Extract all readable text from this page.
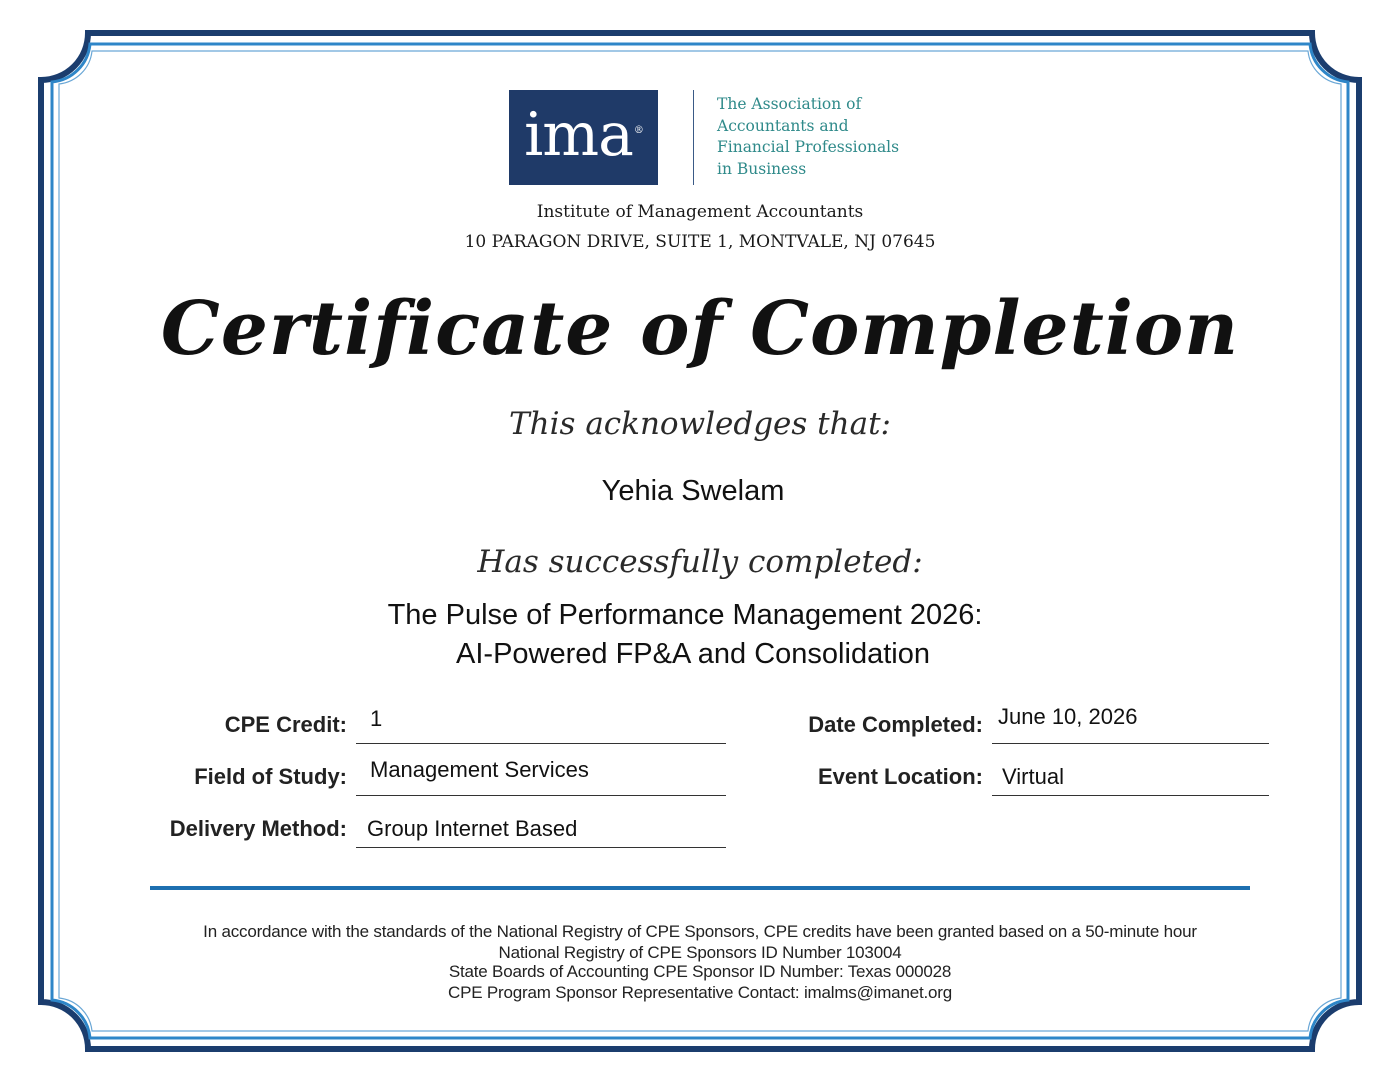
ima®
The Association of
Accountants and
Financial Professionals
in Business
Institute of Management Accountants
10 PARAGON DRIVE, SUITE 1, MONTVALE, NJ 07645
Certificate of Completion
This acknowledges that:
Yehia Swelam
Has successfully completed:
The Pulse of Performance Management 2026:
AI-Powered FP&A and Consolidation
CPE Credit: 1
Field of Study: Management Services
Delivery Method: Group Internet Based
Date Completed: June 10, 2026
Event Location: Virtual
In accordance with the standards of the National Registry of CPE Sponsors, CPE credits have been granted based on a 50-minute hour
National Registry of CPE Sponsors ID Number 103004
State Boards of Accounting CPE Sponsor ID Number: Texas 000028
CPE Program Sponsor Representative Contact: imalms@imanet.org
